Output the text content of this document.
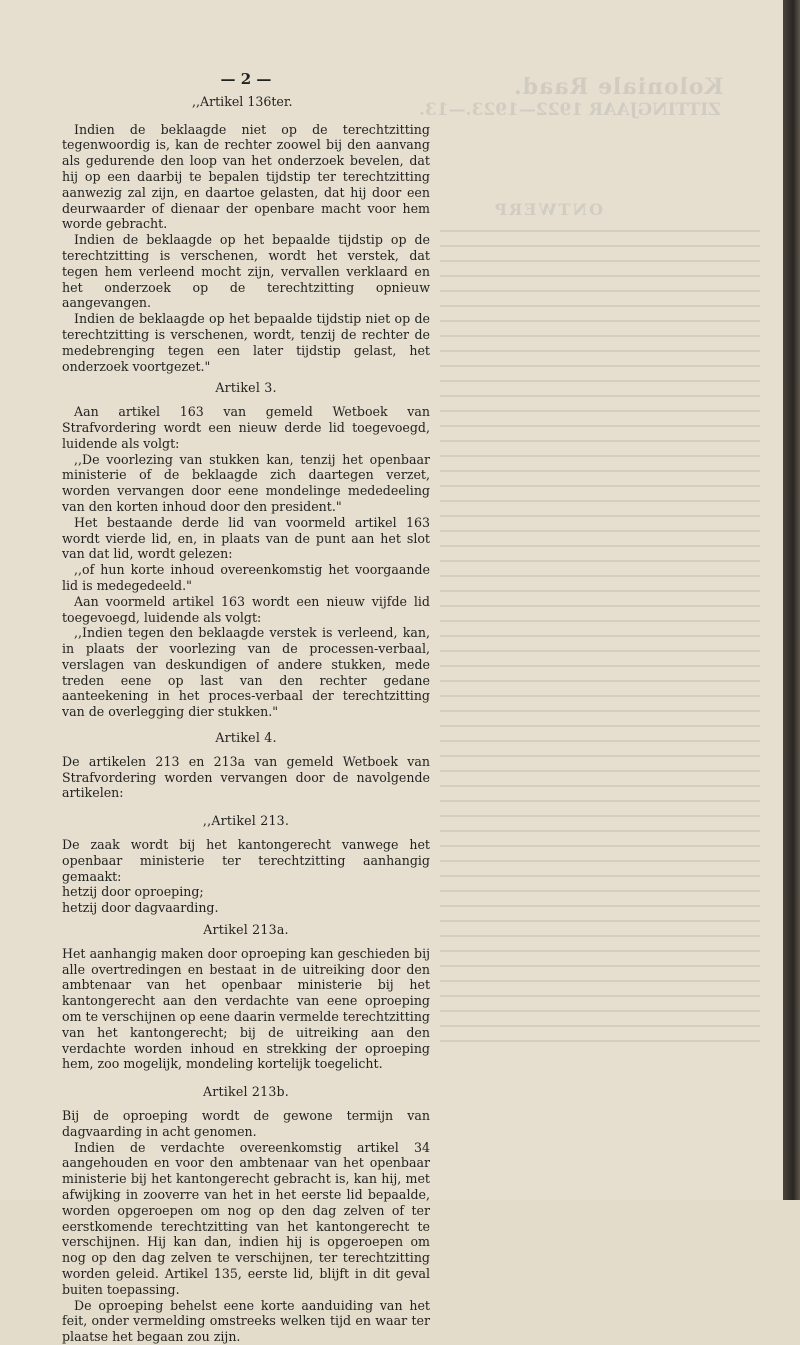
Koloniale Raad.
ZITTINGJAAR 1922—1923.—13.
ONTWERP
— 2 —
,,Artikel 136ter.

Indien de beklaagde niet op de terechtzitting tegenwoordig is, kan de rechter zoowel bij den aanvang als gedurende den loop van het onderzoek bevelen, dat hij op een daarbij te bepalen tijdstip ter terechtzitting aanwezig zal zijn, en daartoe gelasten, dat hij door een deurwaarder of dienaar der openbare macht voor hem worde gebracht.

Indien de beklaagde op het bepaalde tijdstip op de terechtzitting is verschenen, wordt het verstek, dat tegen hem verleend mocht zijn, vervallen verklaard en het onderzoek op de terechtzitting opnieuw aangevangen.

Indien de beklaagde op het bepaalde tijdstip niet op de terechtzitting is verschenen, wordt, tenzij de rechter de medebrenging tegen een later tijdstip gelast, het onderzoek voortgezet."

Artikel 3.

Aan artikel 163 van gemeld Wetboek van Strafvordering wordt een nieuw derde lid toegevoegd, luidende als volgt:

,,De voorlezing van stukken kan, tenzij het openbaar ministerie of de beklaagde zich daartegen verzet, worden vervangen door eene mondelinge mededeeling van den korten inhoud door den president."

Het bestaande derde lid van voormeld artikel 163 wordt vierde lid, en, in plaats van de punt aan het slot van dat lid, wordt gelezen:

,,of hun korte inhoud overeenkomstig het voorgaande lid is medegedeeld."

Aan voormeld artikel 163 wordt een nieuw vijfde lid toegevoegd, luidende als volgt:

,,Indien tegen den beklaagde verstek is verleend, kan, in plaats der voorlezing van de processen-verbaal, verslagen van deskundigen of andere stukken, mede treden eene op last van den rechter gedane aanteekening in het proces-verbaal der terechtzitting van de overlegging dier stukken."

Artikel 4.

De artikelen 213 en 213a van gemeld Wetboek van Strafvordering worden vervangen door de navolgende artikelen:

,,Artikel 213.

De zaak wordt bij het kantongerecht vanwege het openbaar ministerie ter terechtzitting aanhangig gemaakt:

hetzij door oproeping;

hetzij door dagvaarding.

Artikel 213a.

Het aanhangig maken door oproeping kan geschieden bij alle overtredingen en bestaat in de uitreiking door den ambtenaar van het openbaar ministerie bij het kantongerecht aan den verdachte van eene oproeping om te verschijnen op eene daarin vermelde terechtzitting van het kantongerecht; bij de uitreiking aan den verdachte worden inhoud en strekking der oproeping hem, zoo mogelijk, mondeling kortelijk toegelicht.

Artikel 213b.

Bij de oproeping wordt de gewone termijn van dagvaarding in acht genomen.

Indien de verdachte overeenkomstig artikel 34 aangehouden en voor den ambtenaar van het openbaar ministerie bij het kantongerecht gebracht is, kan hij, met afwijking in zooverre van het in het eerste lid bepaalde, worden opgeroepen om nog op den dag zelven of ter eerstkomende terechtzitting van het kantongerecht te verschijnen. Hij kan dan, indien hij is opgeroepen om nog op den dag zelven te verschijnen, ter terechtzitting worden geleid. Artikel 135, eerste lid, blijft in dit geval buiten toepassing.

De oproeping behelst eene korte aanduiding van het feit, onder vermelding omstreeks welken tijd en waar ter plaatse het begaan zou zijn.
